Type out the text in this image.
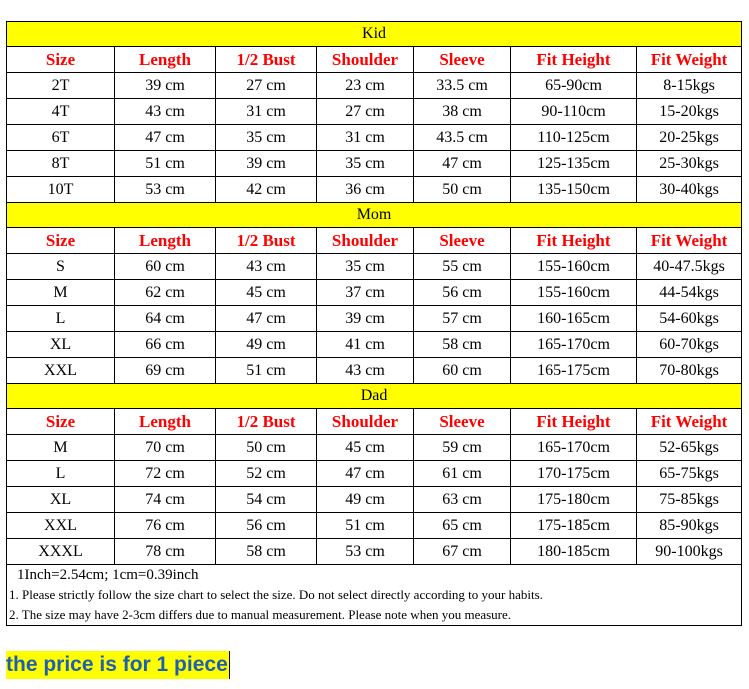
Kid						
Size	Length	1/2 Bust	Shoulder	Sleeve	Fit Height	Fit Weight
2T	39 cm	27 cm	23 cm	33.5 cm	65-90cm	8-15kgs
4T	43 cm	31 cm	27 cm	38 cm	90-110cm	15-20kgs
6T	47 cm	35 cm	31 cm	43.5 cm	110-125cm	20-25kgs
8T	51 cm	39 cm	35 cm	47 cm	125-135cm	25-30kgs
10T	53 cm	42 cm	36 cm	50 cm	135-150cm	30-40kgs
Mom						
Size	Length	1/2 Bust	Shoulder	Sleeve	Fit Height	Fit Weight
S	60 cm	43 cm	35 cm	55 cm	155-160cm	40-47.5kgs
M	62 cm	45 cm	37 cm	56 cm	155-160cm	44-54kgs
L	64 cm	47 cm	39 cm	57 cm	160-165cm	54-60kgs
XL	66 cm	49 cm	41 cm	58 cm	165-170cm	60-70kgs
XXL	69 cm	51 cm	43 cm	60 cm	165-175cm	70-80kgs
Dad						
Size	Length	1/2 Bust	Shoulder	Sleeve	Fit Height	Fit Weight
M	70 cm	50 cm	45 cm	59 cm	165-170cm	52-65kgs
L	72 cm	52 cm	47 cm	61 cm	170-175cm	65-75kgs
XL	74 cm	54 cm	49 cm	63 cm	175-180cm	75-85kgs
XXL	76 cm	56 cm	51 cm	65 cm	175-185cm	85-90kgs
XXXL	78 cm	58 cm	53 cm	67 cm	180-185cm	90-100kgs
1Inch=2.54cm; 1cm=0.39inch						
1. Please strictly follow the size chart to select the size. Do not select directly according to your habits.						
2. The size may have 2-3cm differs due to manual measurement. Please note when you measure.						
the price is for 1 piece
